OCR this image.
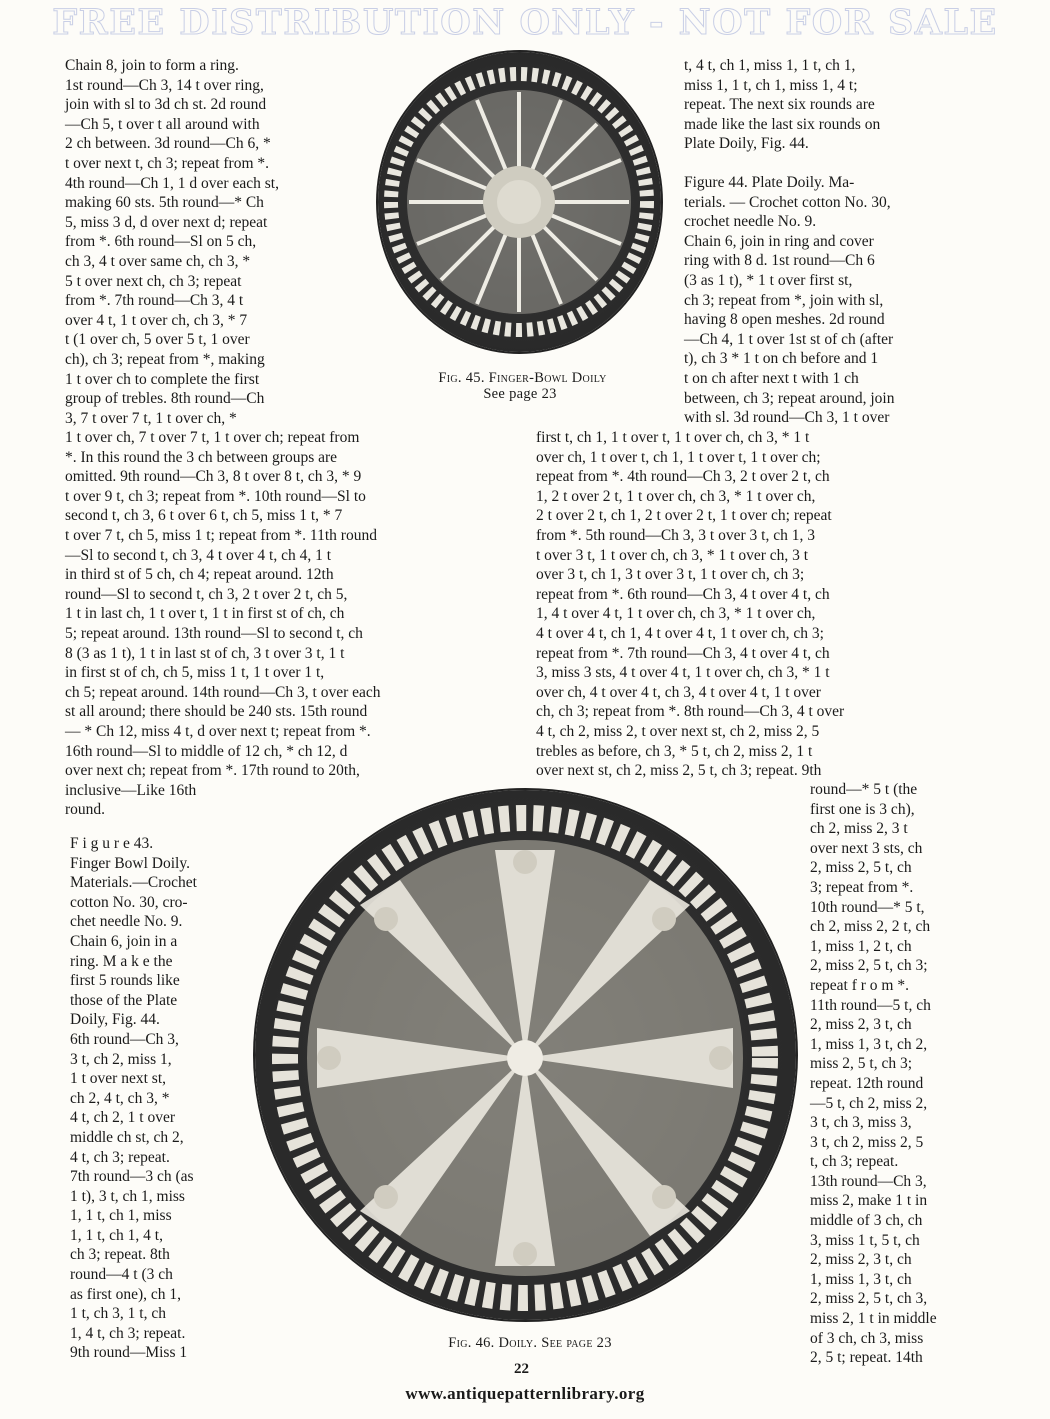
FREE DISTRIBUTION ONLY - NOT FOR SALE
Chain 8, join to form a ring.
1st round—Ch 3, 14 t over ring,
join with sl to 3d ch st. 2d round
—Ch 5, t over t all around with
2 ch between. 3d round—Ch 6, *
t over next t, ch 3; repeat from *.
4th round—Ch 1, 1 d over each st,
making 60 sts. 5th round—* Ch
5, miss 3 d, d over next d; repeat
from *. 6th round—Sl on 5 ch,
ch 3, 4 t over same ch, ch 3, *
5 t over next ch, ch 3; repeat
from *. 7th round—Ch 3, 4 t
over 4 t, 1 t over ch, ch 3, * 7
t (1 over ch, 5 over 5 t, 1 over
ch), ch 3; repeat from *, making
1 t over ch to complete the first
group of trebles. 8th round—Ch
3, 7 t over 7 t, 1 t over ch, *
Fig. 45. Finger-Bowl Doily
See page 23
t, 4 t, ch 1, miss 1, 1 t, ch 1,
miss 1, 1 t, ch 1, miss 1, 4 t;
repeat. The next six rounds are
made like the last six rounds on
Plate Doily, Fig. 44.
Figure 44. Plate Doily. Ma-
terials. — Crochet cotton No. 30,
crochet needle No. 9.
Chain 6, join in ring and cover
ring with 8 d. 1st round—Ch 6
(3 as 1 t), * 1 t over first st,
ch 3; repeat from *, join with sl,
having 8 open meshes. 2d round
—Ch 4, 1 t over 1st st of ch (after
t), ch 3 * 1 t on ch before and 1
t on ch after next t with 1 ch
between, ch 3; repeat around, join
with sl. 3d round—Ch 3, 1 t over
1 t over ch, 7 t over 7 t, 1 t over ch; repeat from
*. In this round the 3 ch between groups are
omitted. 9th round—Ch 3, 8 t over 8 t, ch 3, * 9
t over 9 t, ch 3; repeat from *. 10th round—Sl to
second t, ch 3, 6 t over 6 t, ch 5, miss 1 t, * 7
t over 7 t, ch 5, miss 1 t; repeat from *. 11th round
—Sl to second t, ch 3, 4 t over 4 t, ch 4, 1 t
in third st of 5 ch, ch 4; repeat around. 12th
round—Sl to second t, ch 3, 2 t over 2 t, ch 5,
1 t in last ch, 1 t over t, 1 t in first st of ch, ch
5; repeat around. 13th round—Sl to second t, ch
8 (3 as 1 t), 1 t in last st of ch, 3 t over 3 t, 1 t
in first st of ch, ch 5, miss 1 t, 1 t over 1 t,
ch 5; repeat around. 14th round—Ch 3, t over each
st all around; there should be 240 sts. 15th round
— * Ch 12, miss 4 t, d over next t; repeat from *.
16th round—Sl to middle of 12 ch, * ch 12, d
over next ch; repeat from *. 17th round to 20th,
inclusive—Like 16th
round.
first t, ch 1, 1 t over t, 1 t over ch, ch 3, * 1 t
over ch, 1 t over t, ch 1, 1 t over t, 1 t over ch;
repeat from *. 4th round—Ch 3, 2 t over 2 t, ch
1, 2 t over 2 t, 1 t over ch, ch 3, * 1 t over ch,
2 t over 2 t, ch 1, 2 t over 2 t, 1 t over ch; repeat
from *. 5th round—Ch 3, 3 t over 3 t, ch 1, 3
t over 3 t, 1 t over ch, ch 3, * 1 t over ch, 3 t
over 3 t, ch 1, 3 t over 3 t, 1 t over ch, ch 3;
repeat from *. 6th round—Ch 3, 4 t over 4 t, ch
1, 4 t over 4 t, 1 t over ch, ch 3, * 1 t over ch,
4 t over 4 t, ch 1, 4 t over 4 t, 1 t over ch, ch 3;
repeat from *. 7th round—Ch 3, 4 t over 4 t, ch
3, miss 3 sts, 4 t over 4 t, 1 t over ch, ch 3, * 1 t
over ch, 4 t over 4 t, ch 3, 4 t over 4 t, 1 t over
ch, ch 3; repeat from *. 8th round—Ch 3, 4 t over
4 t, ch 2, miss 2, t over next st, ch 2, miss 2, 5
trebles as before, ch 3, * 5 t, ch 2, miss 2, 1 t
over next st, ch 2, miss 2, 5 t, ch 3; repeat. 9th
round—* 5 t (the
first one is 3 ch),
ch 2, miss 2, 3 t
over next 3 sts, ch
2, miss 2, 5 t, ch
3; repeat from *.
10th round—* 5 t,
ch 2, miss 2, 2 t, ch
1, miss 1, 2 t, ch
2, miss 2, 5 t, ch 3;
repeat f r o m *.
11th round—5 t, ch
2, miss 2, 3 t, ch
1, miss 1, 3 t, ch 2,
miss 2, 5 t, ch 3;
repeat. 12th round
—5 t, ch 2, miss 2,
3 t, ch 3, miss 3,
3 t, ch 2, miss 2, 5
t, ch 3; repeat.
13th round—Ch 3,
miss 2, make 1 t in
middle of 3 ch, ch
3, miss 1 t, 5 t, ch
2, miss 2, 3 t, ch
1, miss 1, 3 t, ch
2, miss 2, 5 t, ch 3,
miss 2, 1 t in middle
of 3 ch, ch 3, miss
2, 5 t; repeat. 14th
F i g u r e 43.
Finger Bowl Doily.
Materials.—Crochet
cotton No. 30, cro-
chet needle No. 9.
Chain 6, join in a
ring. M a k e the
first 5 rounds like
those of the Plate
Doily, Fig. 44.
6th round—Ch 3,
3 t, ch 2, miss 1,
1 t over next st,
ch 2, 4 t, ch 3, *
4 t, ch 2, 1 t over
middle ch st, ch 2,
4 t, ch 3; repeat.
7th round—3 ch (as
1 t), 3 t, ch 1, miss
1, 1 t, ch 1, miss
1, 1 t, ch 1, 4 t,
ch 3; repeat. 8th
round—4 t (3 ch
as first one), ch 1,
1 t, ch 3, 1 t, ch
1, 4 t, ch 3; repeat.
9th round—Miss 1
Fig. 46. Doily. See page 23
22
www.antiquepatternlibrary.org
